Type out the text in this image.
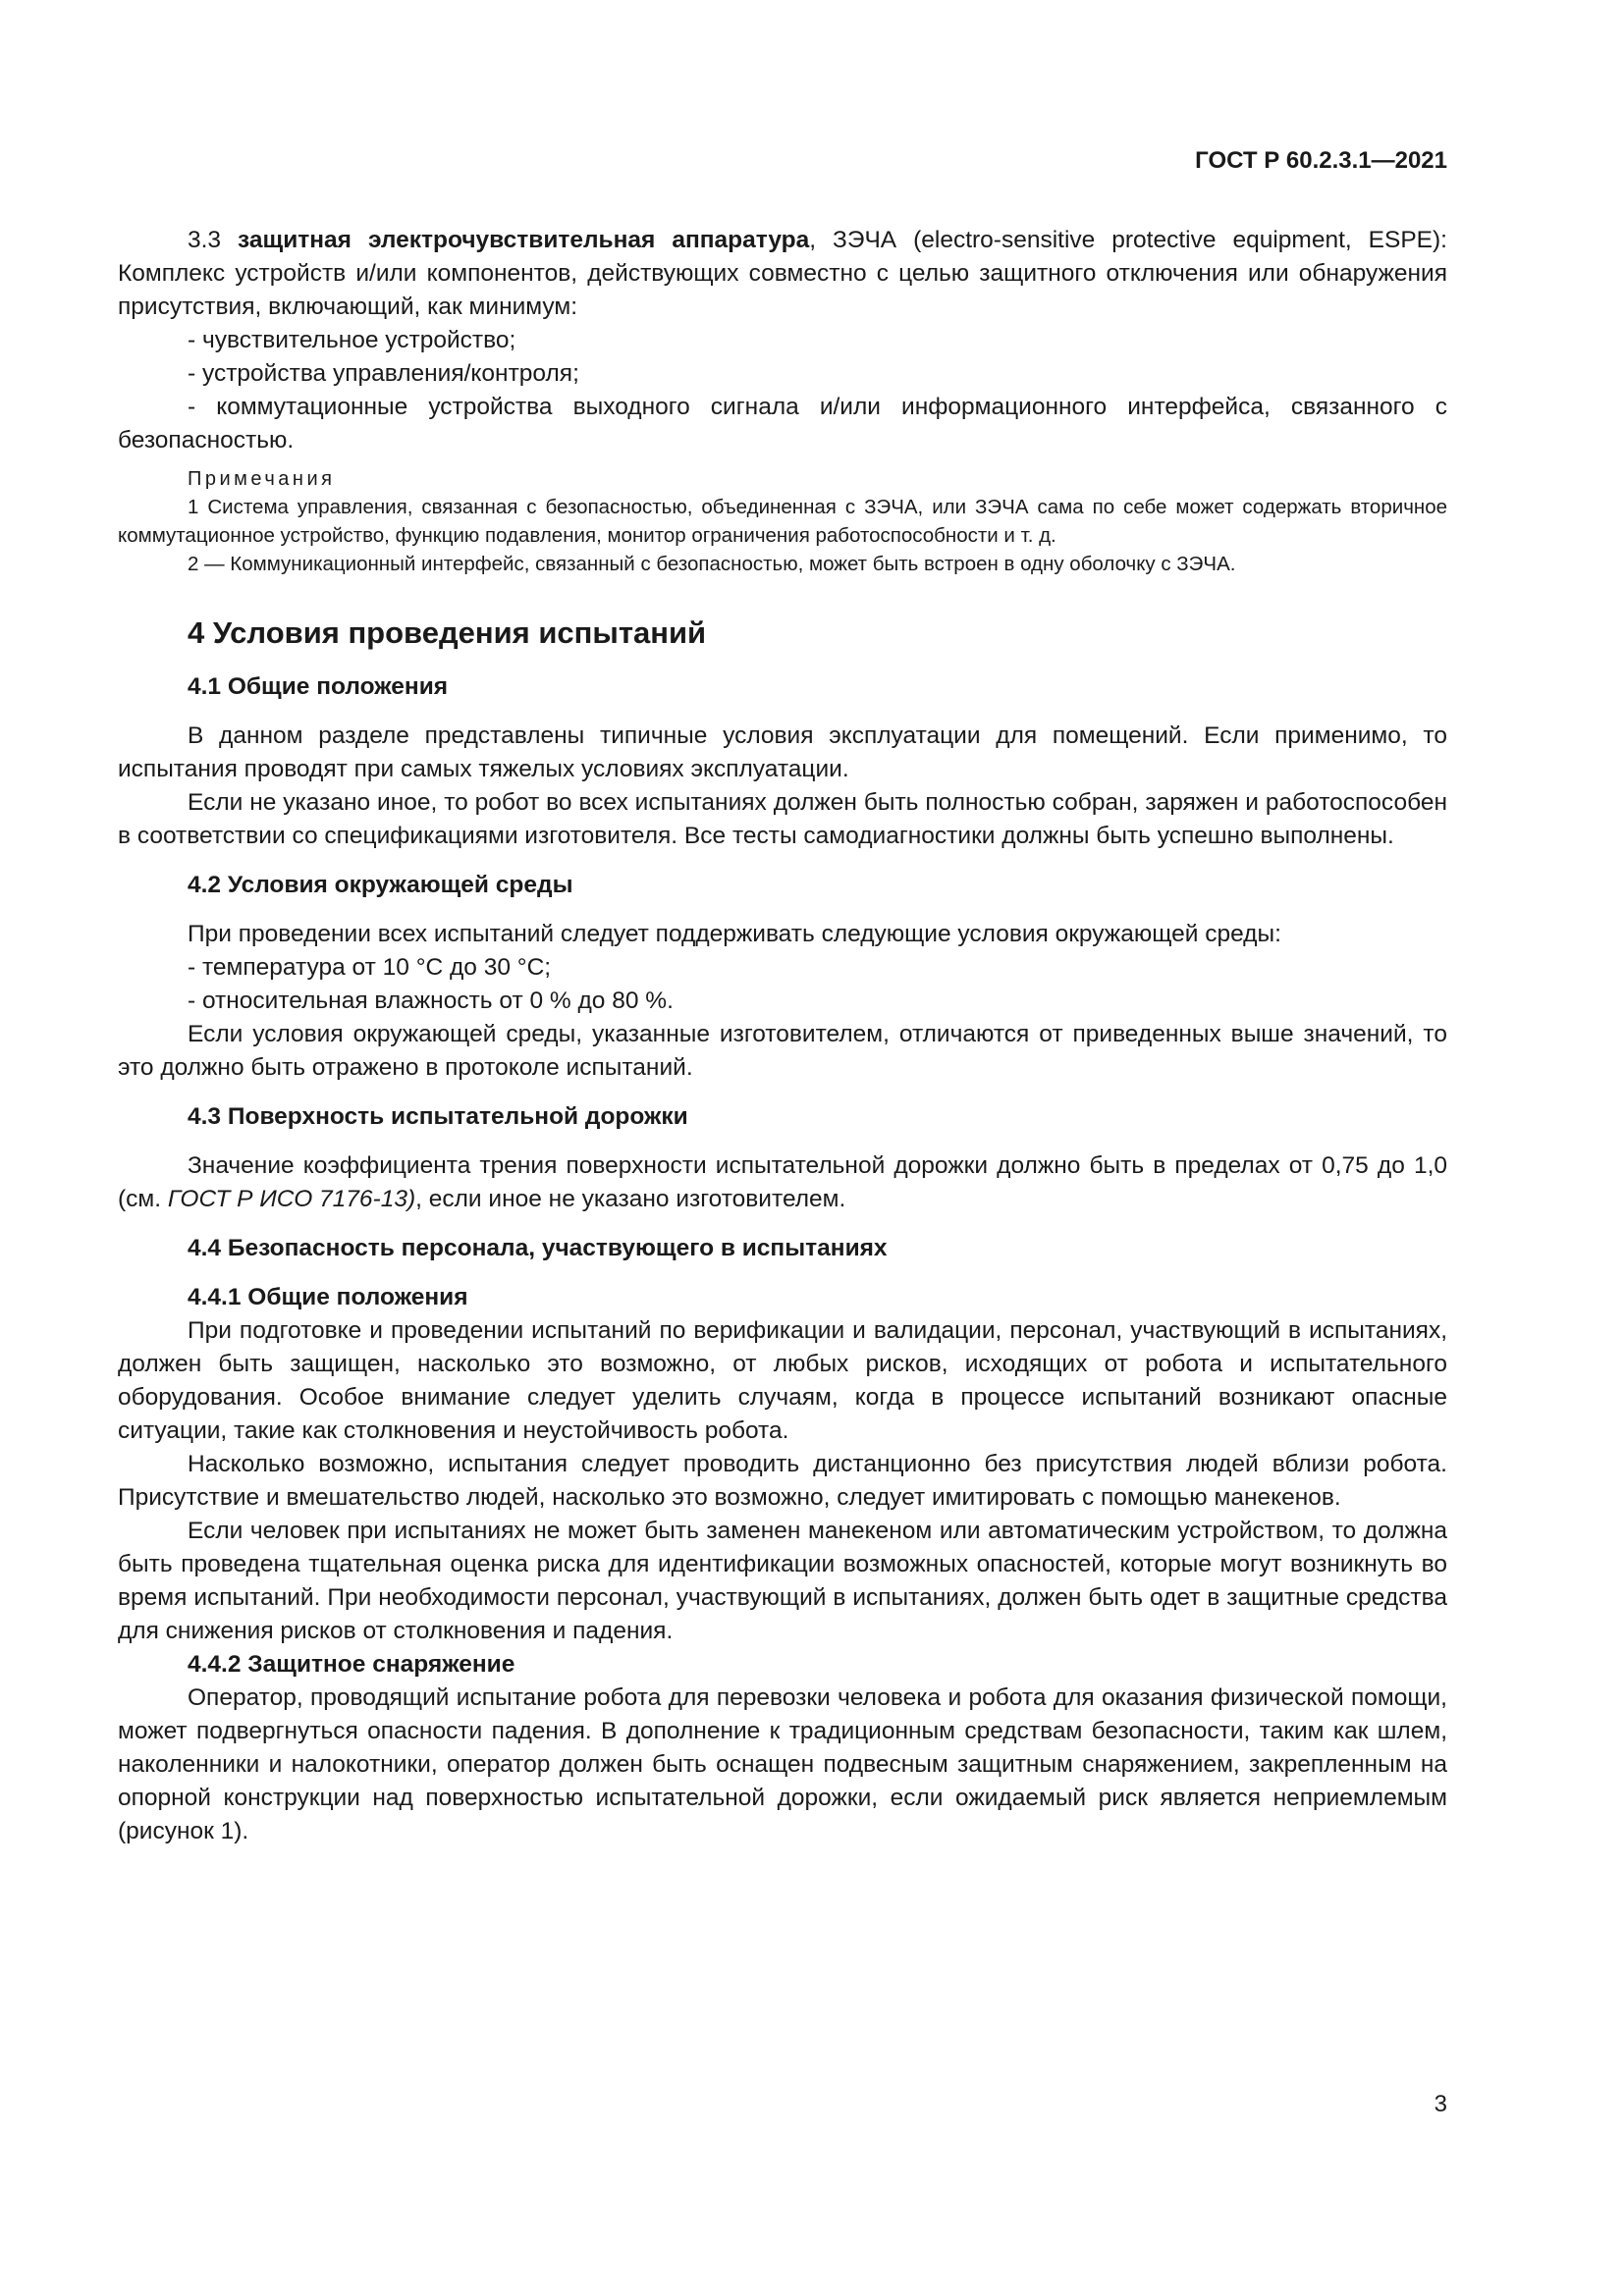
ГОСТ Р 60.2.3.1—2021

3.3 защитная электрочувствительная аппаратура, ЗЭЧА (electro-sensitive protective equipment, ESPE): Комплекс устройств и/или компонентов, действующих совместно с целью защитного отключения или обнаружения присутствия, включающий, как минимум:

- чувствительное устройство;

- устройства управления/контроля;

- коммутационные устройства выходного сигнала и/или информационного интерфейса, связанного с безопасностью.

Примечания

1 Система управления, связанная с безопасностью, объединенная с ЗЭЧА, или ЗЭЧА сама по себе может содержать вторичное коммутационное устройство, функцию подавления, монитор ограничения работоспособности и т. д.

2 — Коммуникационный интерфейс, связанный с безопасностью, может быть встроен в одну оболочку с ЗЭЧА.

4 Условия проведения испытаний

4.1 Общие положения

В данном разделе представлены типичные условия эксплуатации для помещений. Если применимо, то испытания проводят при самых тяжелых условиях эксплуатации.

Если не указано иное, то робот во всех испытаниях должен быть полностью собран, заряжен и работоспособен в соответствии со спецификациями изготовителя. Все тесты самодиагностики должны быть успешно выполнены.

4.2 Условия окружающей среды

При проведении всех испытаний следует поддерживать следующие условия окружающей среды:

- температура от 10 °С до 30 °С;

- относительная влажность от 0 % до 80 %.

Если условия окружающей среды, указанные изготовителем, отличаются от приведенных выше значений, то это должно быть отражено в протоколе испытаний.

4.3 Поверхность испытательной дорожки

Значение коэффициента трения поверхности испытательной дорожки должно быть в пределах от 0,75 до 1,0 (см. ГОСТ Р ИСО 7176-13), если иное не указано изготовителем.

4.4 Безопасность персонала, участвующего в испытаниях

4.4.1 Общие положения

При подготовке и проведении испытаний по верификации и валидации, персонал, участвующий в испытаниях, должен быть защищен, насколько это возможно, от любых рисков, исходящих от робота и испытательного оборудования. Особое внимание следует уделить случаям, когда в процессе испытаний возникают опасные ситуации, такие как столкновения и неустойчивость робота.

Насколько возможно, испытания следует проводить дистанционно без присутствия людей вблизи робота. Присутствие и вмешательство людей, насколько это возможно, следует имитировать с помощью манекенов.

Если человек при испытаниях не может быть заменен манекеном или автоматическим устройством, то должна быть проведена тщательная оценка риска для идентификации возможных опасностей, которые могут возникнуть во время испытаний. При необходимости персонал, участвующий в испытаниях, должен быть одет в защитные средства для снижения рисков от столкновения и падения.

4.4.2 Защитное снаряжение

Оператор, проводящий испытание робота для перевозки человека и робота для оказания физической помощи, может подвергнуться опасности падения. В дополнение к традиционным средствам безопасности, таким как шлем, наколенники и налокотники, оператор должен быть оснащен подвесным защитным снаряжением, закрепленным на опорной конструкции над поверхностью испытательной дорожки, если ожидаемый риск является неприемлемым (рисунок 1).

3
